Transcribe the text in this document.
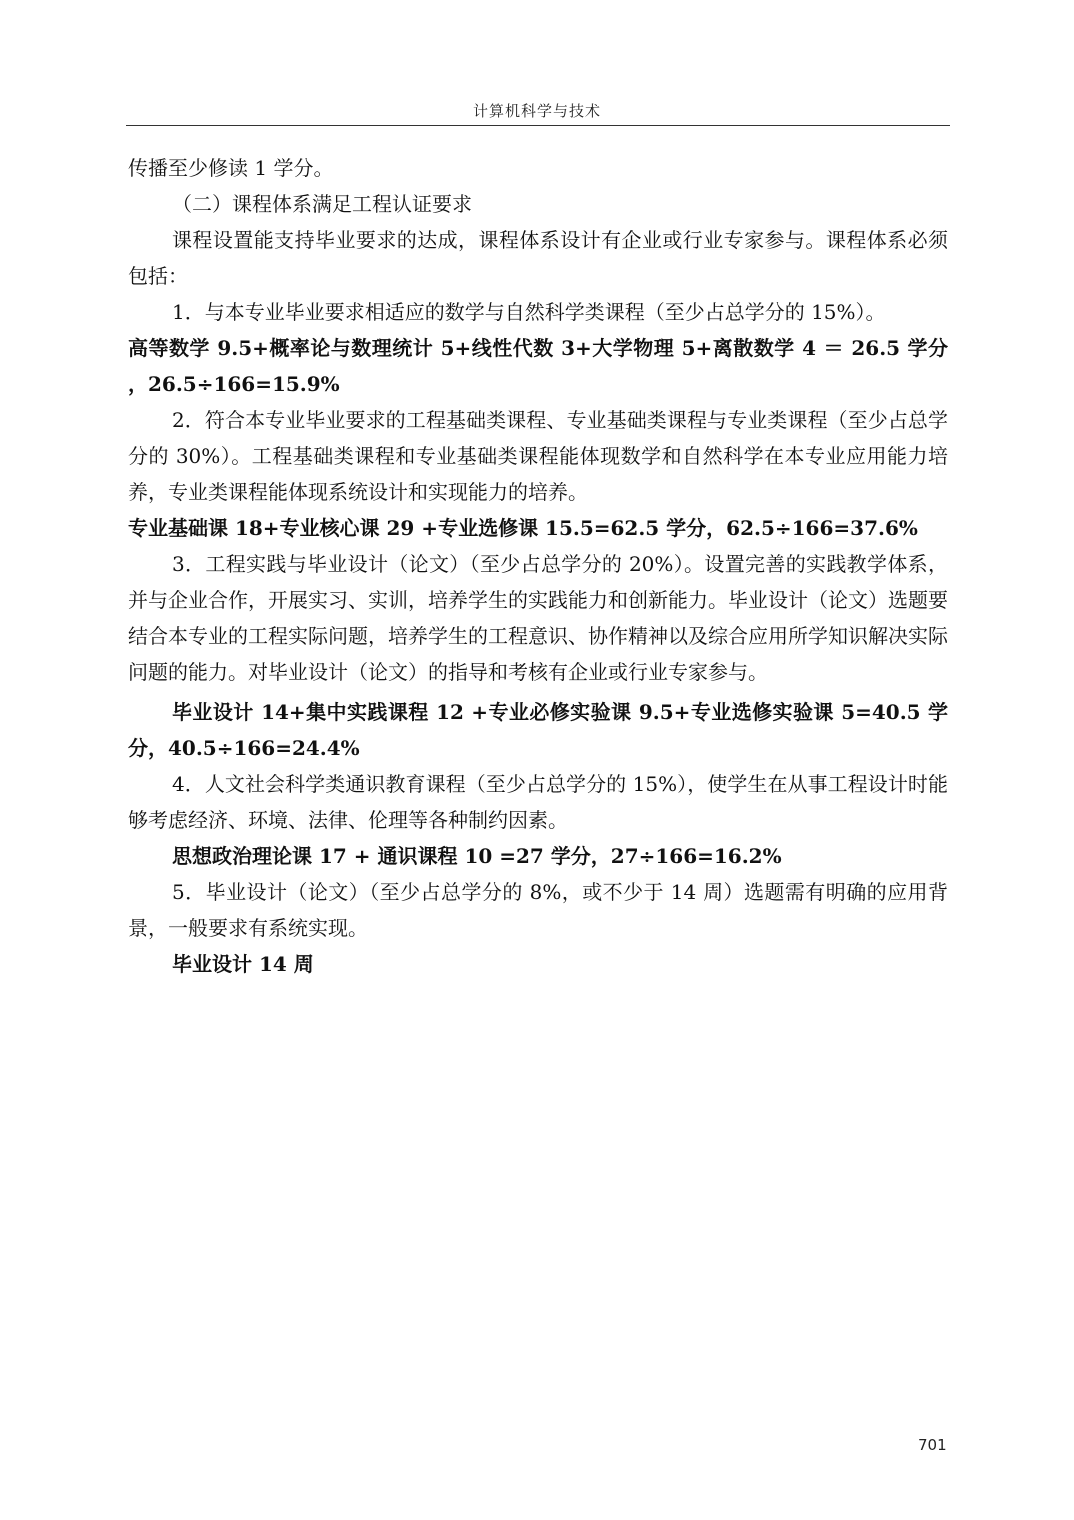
计算机科学与技术

传播至少修读 1 学分。

（二）课程体系满足工程认证要求

课程设置能支持毕业要求的达成，课程体系设计有企业或行业专家参与。课程体系必须包括：

1．与本专业毕业要求相适应的数学与自然科学类课程（至少占总学分的 15%）。

高等数学 9.5+概率论与数理统计 5+线性代数 3+大学物理 5+离散数学 4 ＝ 26.5 学分 ，26.5÷166=15.9%

2．符合本专业毕业要求的工程基础类课程、专业基础类课程与专业类课程（至少占总学分的 30%）。工程基础类课程和专业基础类课程能体现数学和自然科学在本专业应用能力培养，专业类课程能体现系统设计和实现能力的培养。

专业基础课 18+专业核心课 29 +专业选修课 15.5=62.5 学分，62.5÷166=37.6%

3．工程实践与毕业设计（论文）（至少占总学分的 20%）。设置完善的实践教学体系，并与企业合作，开展实习、实训，培养学生的实践能力和创新能力。毕业设计（论文）选题要结合本专业的工程实际问题，培养学生的工程意识、协作精神以及综合应用所学知识解决实际问题的能力。对毕业设计（论文）的指导和考核有企业或行业专家参与。

毕业设计 14+集中实践课程 12 +专业必修实验课 9.5+专业选修实验课 5=40.5 学分，40.5÷166=24.4%

4．人文社会科学类通识教育课程（至少占总学分的 15%），使学生在从事工程设计时能够考虑经济、环境、法律、伦理等各种制约因素。

思想政治理论课 17 + 通识课程 10 =27 学分，27÷166=16.2%

5．毕业设计（论文）（至少占总学分的 8%，或不少于 14 周）选题需有明确的应用背景，一般要求有系统实现。

毕业设计 14 周

701
